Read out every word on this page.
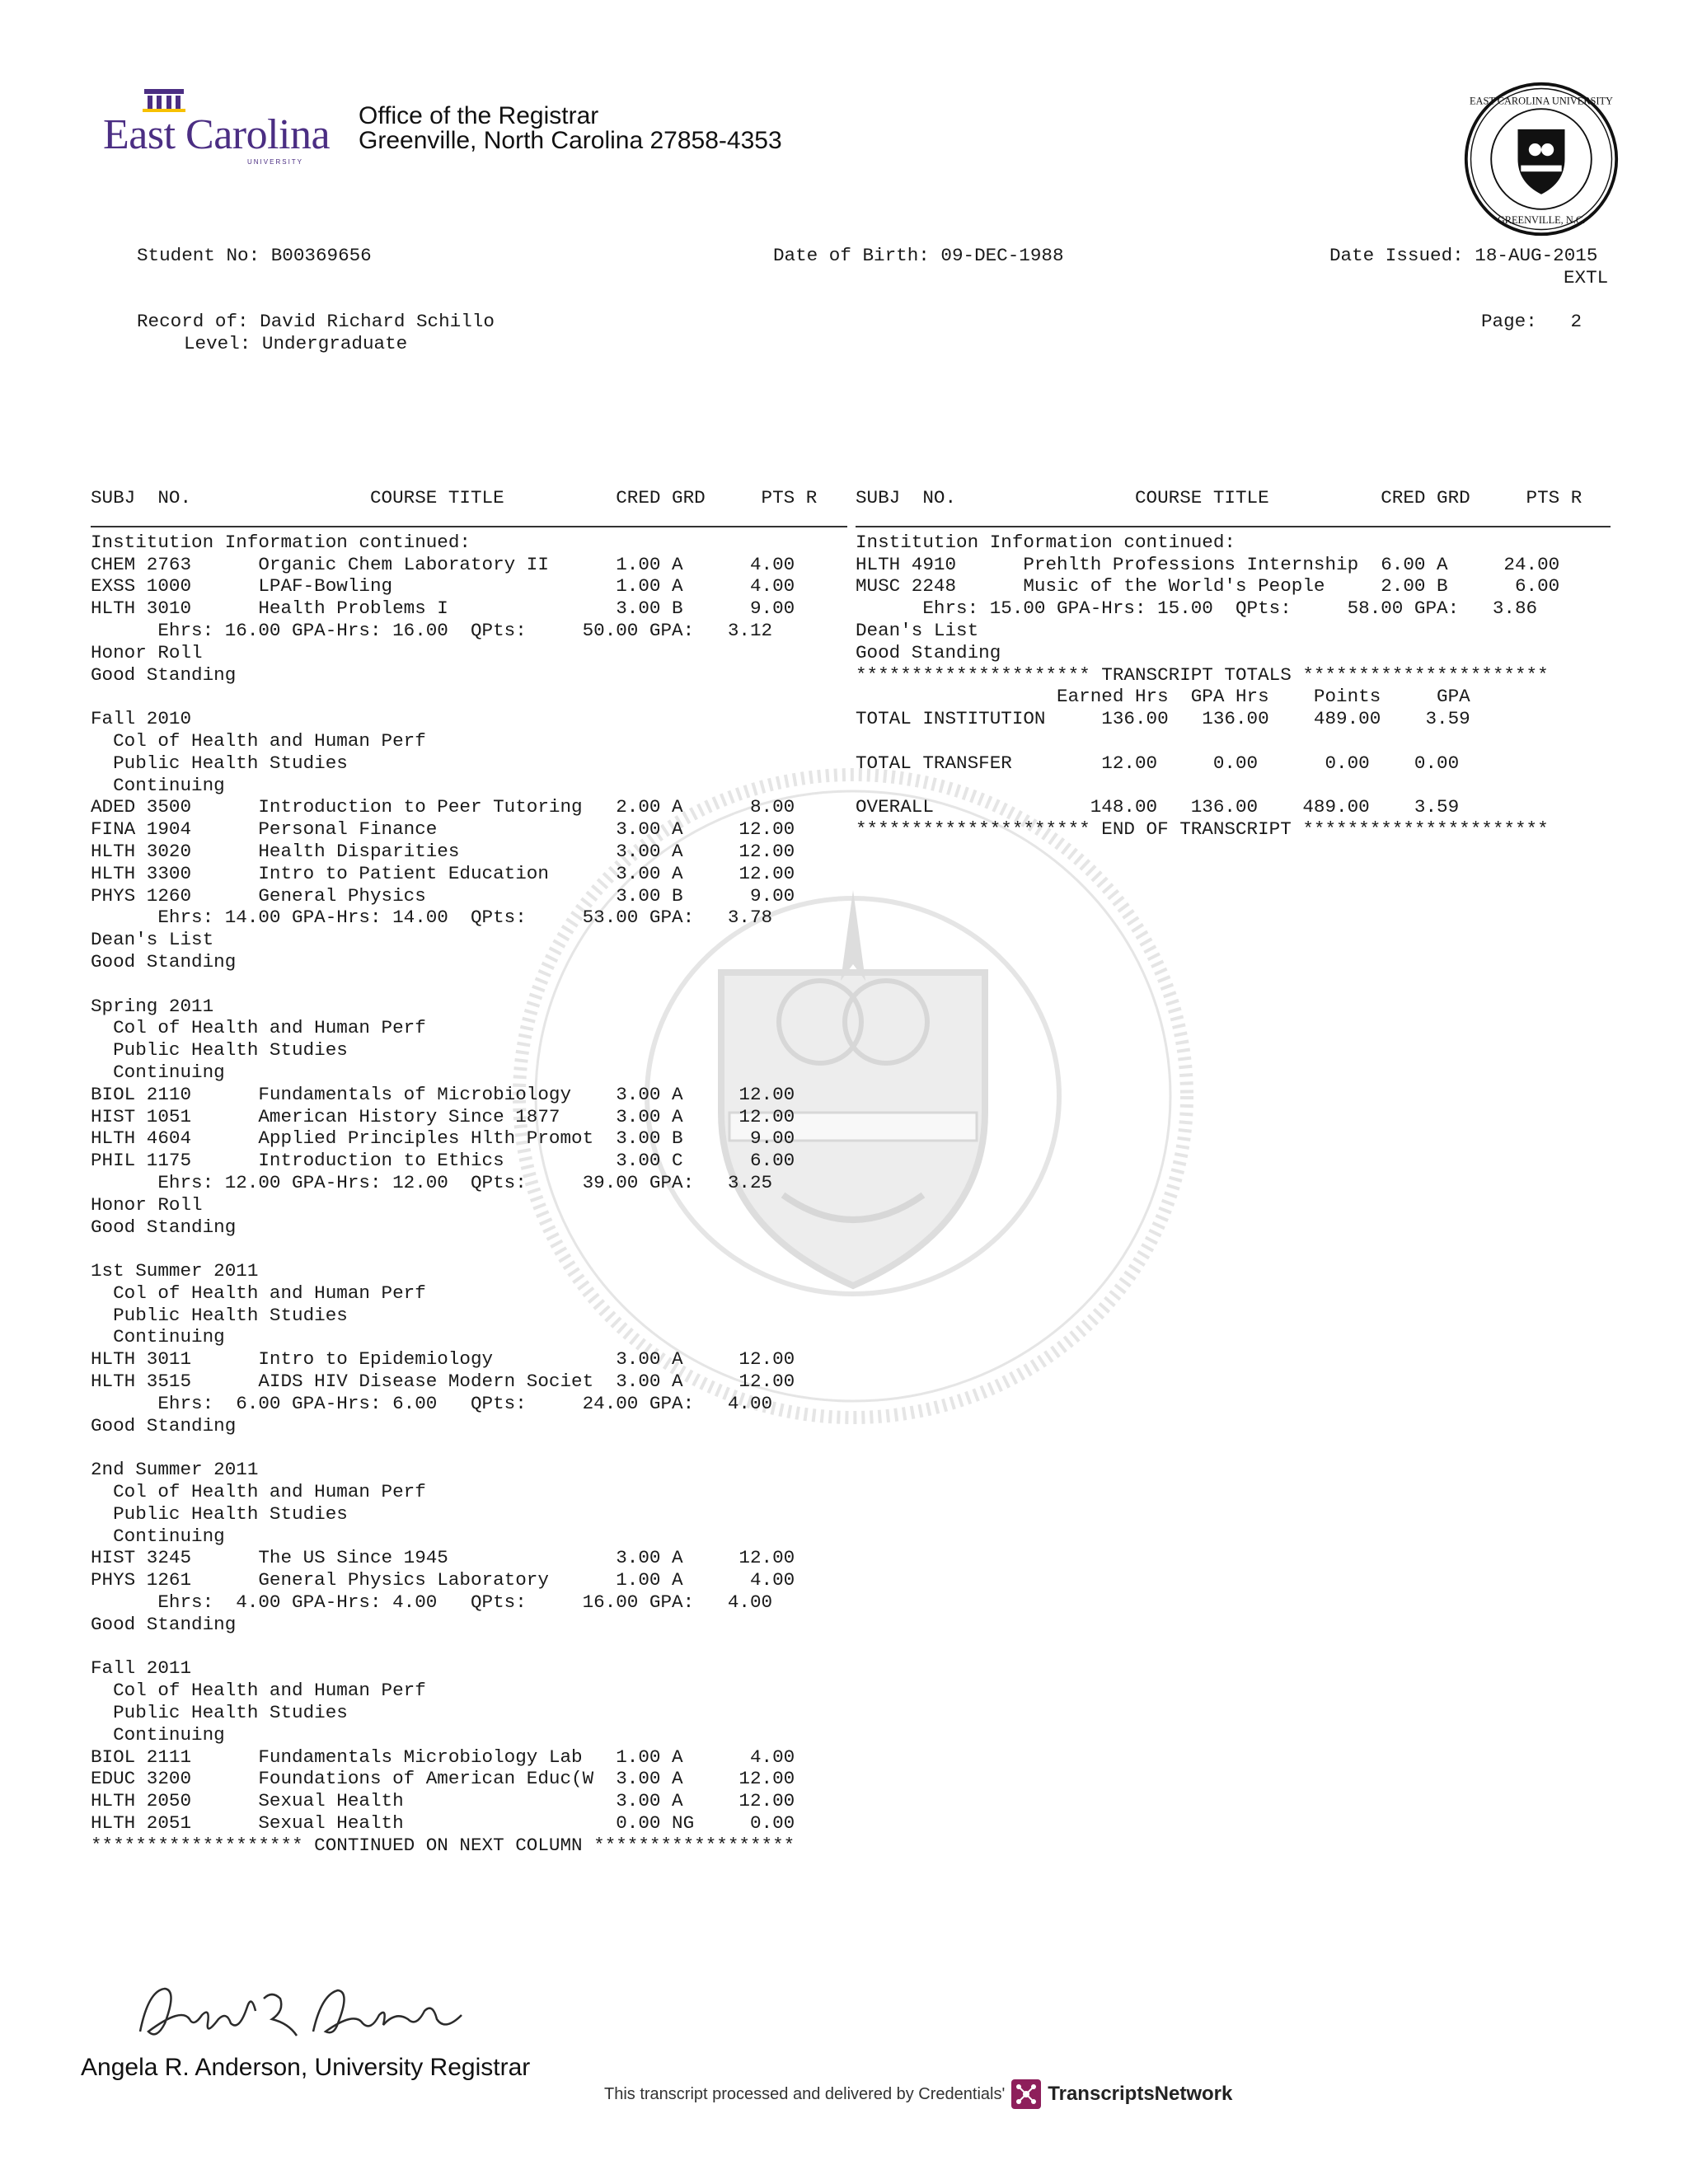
East Carolina
UNIVERSITY
Office of the Registrar
Greenville, North Carolina 27858-4353
EAST CAROLINA UNIVERSITY
GREENVILLE, N.C.
Student No: B00369656	Date of Birth: 09-DEC-1988	Date Issued: 18-AUG-2015
EXTL
Record of: David Richard Schillo
Level: Undergraduate
Page: 2
SUBJ  NO.                COURSE TITLE          CRED GRD     PTS R SUBJ  NO.                COURSE TITLE          CRED GRD     PTS R
Institution Information continued:
CHEM 2763      Organic Chem Laboratory II      1.00 A      4.00
EXSS 1000      LPAF-Bowling                    1.00 A      4.00
HLTH 3010      Health Problems I               3.00 B      9.00
Ehrs: 16.00 GPA-Hrs: 16.00  QPts:     50.00 GPA:   3.12
Honor Roll
Good Standing
Fall 2010
Col of Health and Human Perf
Public Health Studies
Continuing
ADED 3500      Introduction to Peer Tutoring   2.00 A      8.00
FINA 1904      Personal Finance                3.00 A     12.00
HLTH 3020      Health Disparities              3.00 A     12.00
HLTH 3300      Intro to Patient Education      3.00 A     12.00
PHYS 1260      General Physics                 3.00 B      9.00
Ehrs: 14.00 GPA-Hrs: 14.00  QPts:     53.00 GPA:   3.78
Dean's List
Good Standing
Spring 2011
Col of Health and Human Perf
Public Health Studies
Continuing
BIOL 2110      Fundamentals of Microbiology    3.00 A     12.00
HIST 1051      American History Since 1877     3.00 A     12.00
HLTH 4604      Applied Principles Hlth Promot  3.00 B      9.00
PHIL 1175      Introduction to Ethics          3.00 C      6.00
Ehrs: 12.00 GPA-Hrs: 12.00  QPts:     39.00 GPA:   3.25
Honor Roll
Good Standing
1st Summer 2011
Col of Health and Human Perf
Public Health Studies
Continuing
HLTH 3011      Intro to Epidemiology           3.00 A     12.00
HLTH 3515      AIDS HIV Disease Modern Societ  3.00 A     12.00
Ehrs:  6.00 GPA-Hrs: 6.00   QPts:     24.00 GPA:   4.00
Good Standing
2nd Summer 2011
Col of Health and Human Perf
Public Health Studies
Continuing
HIST 3245      The US Since 1945               3.00 A     12.00
PHYS 1261      General Physics Laboratory      1.00 A      4.00
Ehrs:  4.00 GPA-Hrs: 4.00   QPts:     16.00 GPA:   4.00
Good Standing
Fall 2011
Col of Health and Human Perf
Public Health Studies
Continuing
BIOL 2111      Fundamentals Microbiology Lab   1.00 A      4.00
EDUC 3200      Foundations of American Educ(W  3.00 A     12.00
HLTH 2050      Sexual Health                   3.00 A     12.00
HLTH 2051      Sexual Health                   0.00 NG     0.00
******************* CONTINUED ON NEXT COLUMN ******************
Institution Information continued:
HLTH 4910      Prehlth Professions Internship  6.00 A     24.00
MUSC 2248      Music of the World's People     2.00 B      6.00
Ehrs: 15.00 GPA-Hrs: 15.00  QPts:     58.00 GPA:   3.86
Dean's List
Good Standing
********************* TRANSCRIPT TOTALS **********************
Earned Hrs  GPA Hrs    Points     GPA
TOTAL INSTITUTION     136.00   136.00    489.00    3.59
TOTAL TRANSFER        12.00     0.00      0.00    0.00
OVERALL              148.00   136.00    489.00    3.59
********************* END OF TRANSCRIPT **********************
Angela R. Anderson
Angela R. Anderson, University Registrar
This transcript processed and delivered by Credentials' TranscriptsNetwork
